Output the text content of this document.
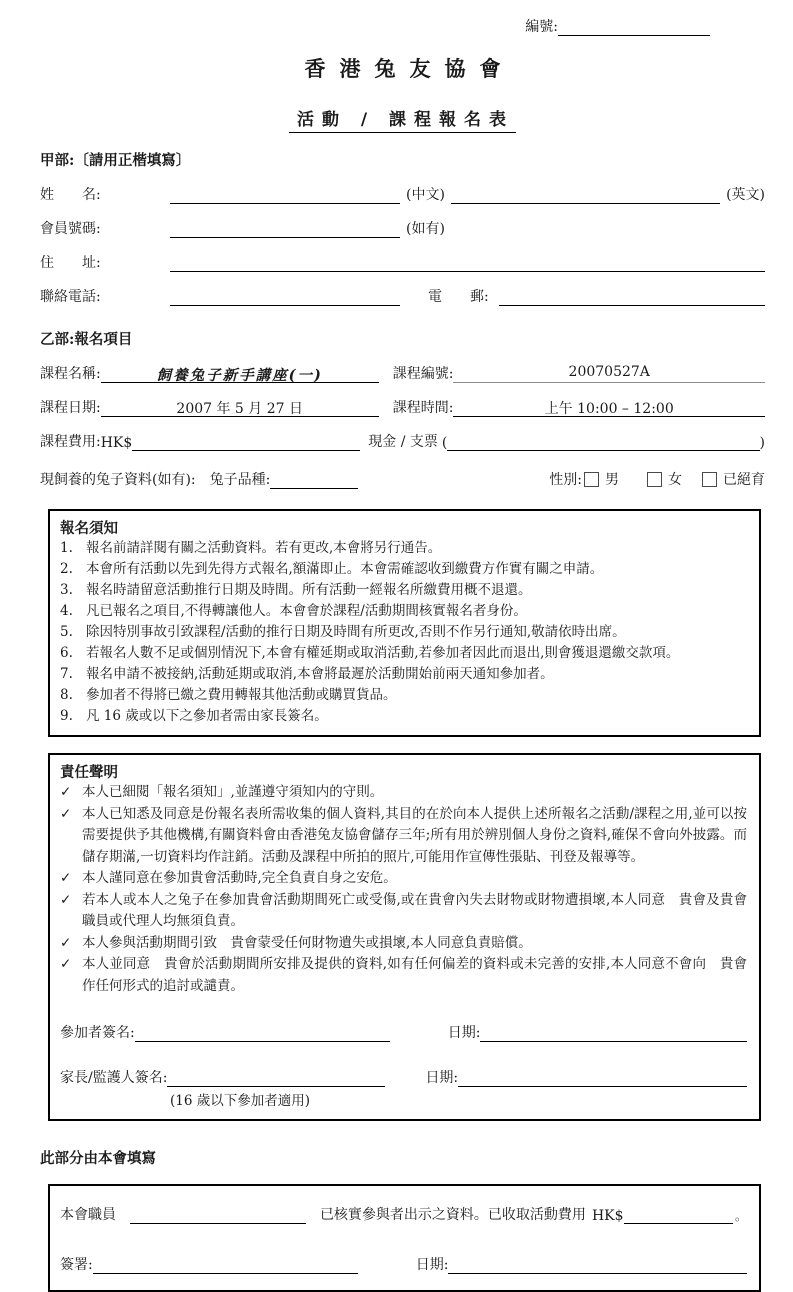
編號:
香港兔友協會
活動 / 課程報名表
甲部:〔請用正楷填寫〕
姓　　名:	(中文)	(英文)
會員號碼:	(如有)
住　　址:
聯絡電話:	電　　郵:
乙部:報名項目
課程名稱:	飼養兔子新手講座(一)	課程編號:	20070527A
課程日期:	2007 年 5 月 27 日	課程時間:	上午 10:00 – 12:00
課程費用: HK$	現金 / 支票 (	)
現飼養的兔子資料(如有): 兔子品種:	性別: 男	女	已絕育
報名須知
1. 報名前請詳閱有關之活動資料。若有更改,本會將另行通告。
2. 本會所有活動以先到先得方式報名,額滿即止。本會需確認收到繳費方作實有關之申請。
3. 報名時請留意活動推行日期及時間。所有活動一經報名所繳費用概不退還。
4. 凡已報名之項目,不得轉讓他人。本會會於課程/活動期間核實報名者身份。
5. 除因特別事故引致課程/活動的推行日期及時間有所更改,否則不作另行通知,敬請依時出席。
6. 若報名人數不足或個別情況下,本會有權延期或取消活動,若參加者因此而退出,則會獲退還繳交款項。
7. 報名申請不被接納,活動延期或取消,本會將最遲於活動開始前兩天通知參加者。
8. 參加者不得將已繳之費用轉報其他活動或購買貨品。
9. 凡 16 歲或以下之參加者需由家長簽名。
責任聲明
✓ 本人已細閱「報名須知」,並謹遵守須知内的守則。
✓ 本人已知悉及同意是份報名表所需收集的個人資料,其目的在於向本人提供上述所報名之活動/課程之用,並可以按需要提供予其他機構,有關資料會由香港兔友協會儲存三年;所有用於辨別個人身份之資料,確保不會向外披露。而儲存期滿,一切資料均作註銷。活動及課程中所拍的照片,可能用作宣傳性張貼、刊登及報導等。
✓ 本人謹同意在參加貴會活動時,完全負責自身之安危。
✓ 若本人或本人之兔子在參加貴會活動期間死亡或受傷,或在貴會內失去財物或財物遭損壞,本人同意　貴會及貴會職員或代理人均無須負責。
✓ 本人參與活動期間引致　貴會蒙受任何財物遺失或損壞,本人同意負責賠償。
✓ 本人並同意　貴會於活動期間所安排及提供的資料,如有任何偏差的資料或未完善的安排,本人同意不會向　貴會作任何形式的追討或譴責。
參加者簽名:	日期:
家長/監護人簽名:	日期:
(16 歲以下參加者適用)
此部分由本會填寫
本會職員	已核實參與者出示之資料。已收取活動費用 HK$	。
簽署:	日期:
